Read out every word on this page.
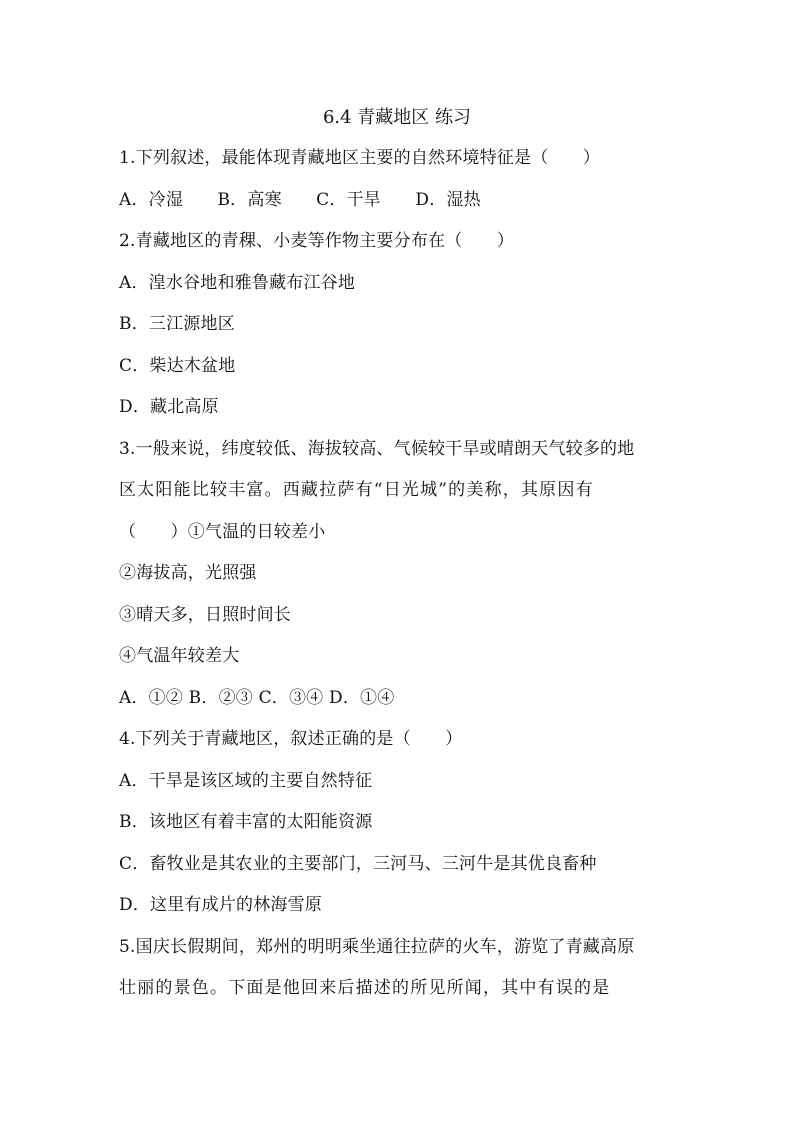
6.4 青藏地区 练习
1.下列叙述，最能体现青藏地区主要的自然环境特征是（　　）
A．冷湿　　B．高寒　　C．干旱　　D．湿热
2.青藏地区的青稞、小麦等作物主要分布在（　　）
A．湟水谷地和雅鲁藏布江谷地
B．三江源地区
C．柴达木盆地
D．藏北高原
3.一般来说，纬度较低、海拔较高、气候较干旱或晴朗天气较多的地
区太阳能比较丰富。西藏拉萨有“日光城”的美称，其原因有
（　　）①气温的日较差小
②海拔高，光照强
③晴天多，日照时间长
④气温年较差大
A．①② B．②③ C．③④ D．①④
4.下列关于青藏地区，叙述正确的是（　　）
A．干旱是该区域的主要自然特征
B．该地区有着丰富的太阳能资源
C．畜牧业是其农业的主要部门，三河马、三河牛是其优良畜种
D．这里有成片的林海雪原
5.国庆长假期间，郑州的明明乘坐通往拉萨的火车，游览了青藏高原
壮丽的景色。下面是他回来后描述的所见所闻，其中有误的是
